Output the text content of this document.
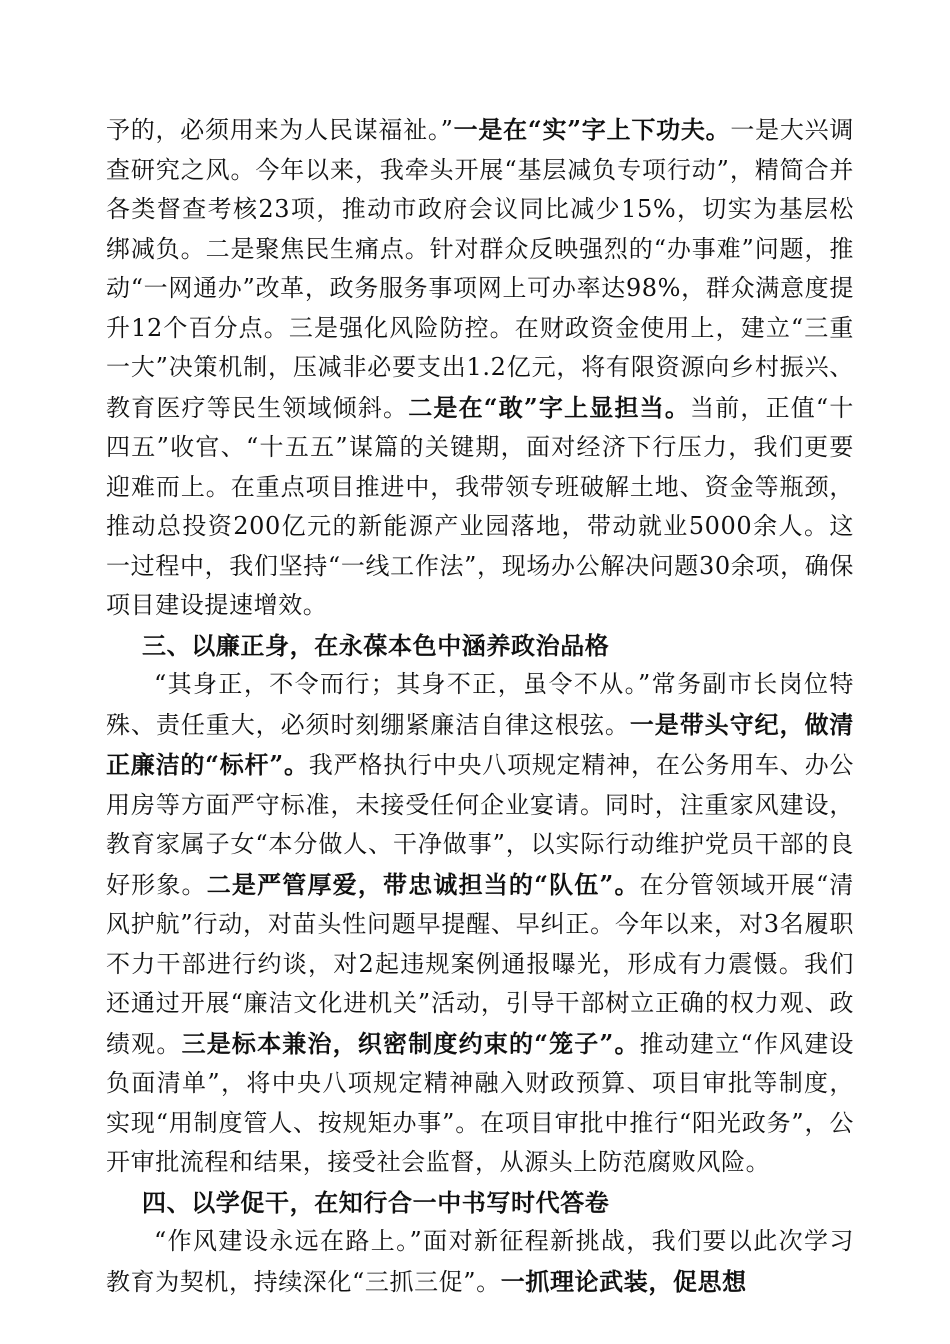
予的，必须用来为人民谋福祉。”一是在“实”字上下功夫。一是大兴调查研究之风。今年以来，我牵头开展“基层减负专项行动”，精简合并各类督查考核23项，推动市政府会议同比减少15%，切实为基层松绑减负。二是聚焦民生痛点。针对群众反映强烈的“办事难”问题，推动“一网通办”改革，政务服务事项网上可办率达98%，群众满意度提升12个百分点。三是强化风险防控。在财政资金使用上，建立“三重一大”决策机制，压减非必要支出1.2亿元，将有限资源向乡村振兴、教育医疗等民生领域倾斜。二是在“敢”字上显担当。当前，正值“十四五”收官、“十五五”谋篇的关键期，面对经济下行压力，我们更要迎难而上。在重点项目推进中，我带领专班破解土地、资金等瓶颈，推动总投资200亿元的新能源产业园落地，带动就业5000余人。这一过程中，我们坚持“一线工作法”，现场办公解决问题30余项，确保项目建设提速增效。

三、以廉正身，在永葆本色中涵养政治品格

“其身正，不令而行；其身不正，虽令不从。”常务副市长岗位特殊、责任重大，必须时刻绷紧廉洁自律这根弦。一是带头守纪，做清正廉洁的“标杆”。我严格执行中央八项规定精神，在公务用车、办公用房等方面严守标准，未接受任何企业宴请。同时，注重家风建设，教育家属子女“本分做人、干净做事”，以实际行动维护党员干部的良好形象。二是严管厚爱，带忠诚担当的“队伍”。在分管领域开展“清风护航”行动，对苗头性问题早提醒、早纠正。今年以来，对3名履职不力干部进行约谈，对2起违规案例通报曝光，形成有力震慑。我们还通过开展“廉洁文化进机关”活动，引导干部树立正确的权力观、政绩观。三是标本兼治，织密制度约束的“笼子”。推动建立“作风建设负面清单”，将中央八项规定精神融入财政预算、项目审批等制度，实现“用制度管人、按规矩办事”。在项目审批中推行“阳光政务”，公开审批流程和结果，接受社会监督，从源头上防范腐败风险。

四、以学促干，在知行合一中书写时代答卷

“作风建设永远在路上。”面对新征程新挑战，我们要以此次学习教育为契机，持续深化“三抓三促”。一抓理论武装，促思想
